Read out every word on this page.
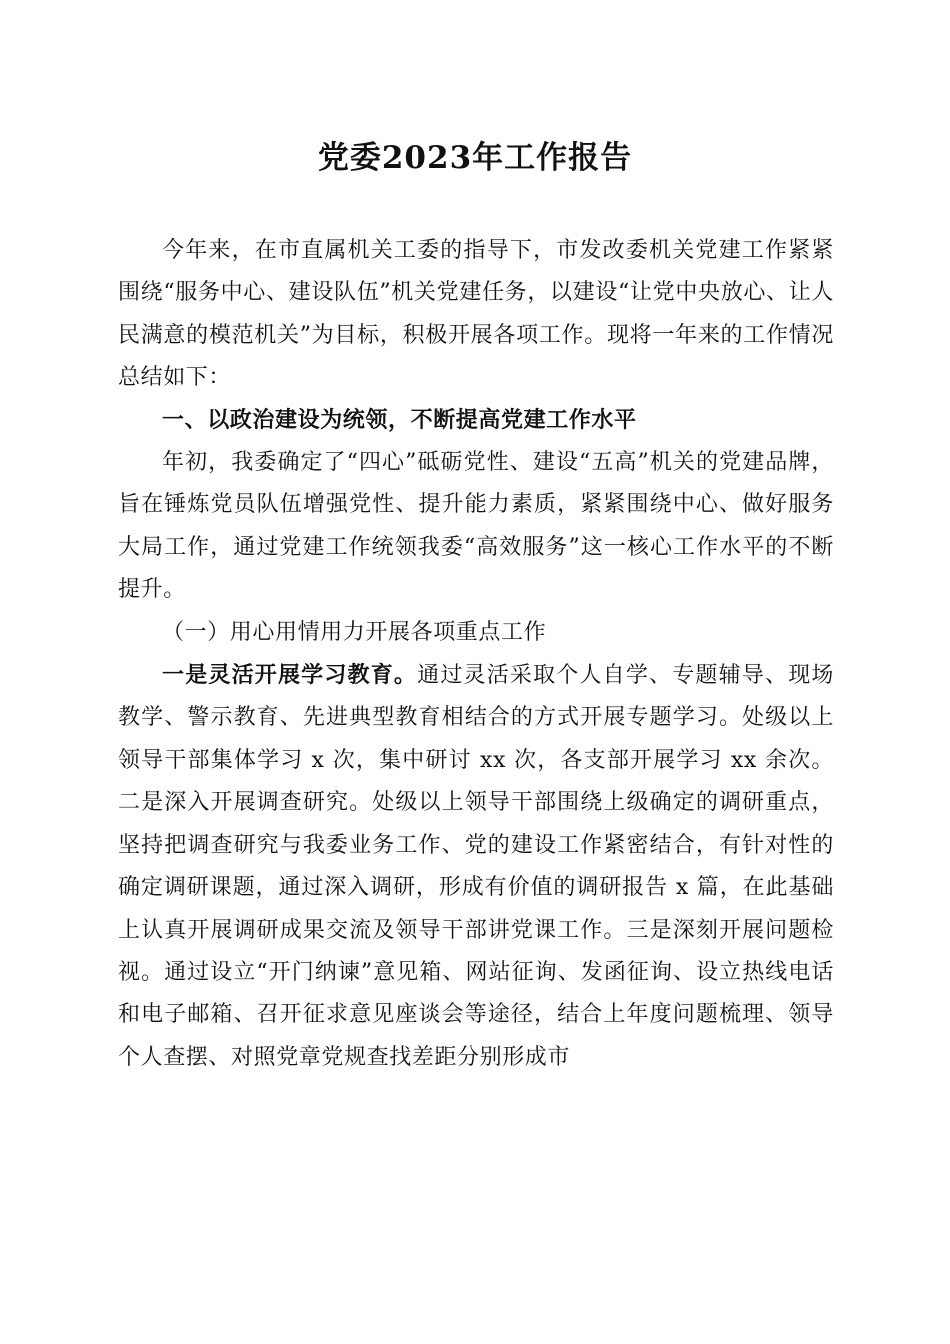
党委2023年工作报告

今年来，在市直属机关工委的指导下，市发改委机关党建工作紧紧围绕“服务中心、建设队伍”机关党建任务，以建设“让党中央放心、让人民满意的模范机关”为目标，积极开展各项工作。现将一年来的工作情况总结如下：

一、以政治建设为统领，不断提高党建工作水平

年初，我委确定了“四心”砥砺党性、建设“五高”机关的党建品牌，旨在锤炼党员队伍增强党性、提升能力素质，紧紧围绕中心、做好服务大局工作，通过党建工作统领我委“高效服务”这一核心工作水平的不断提升。

（一）用心用情用力开展各项重点工作

一是灵活开展学习教育。通过灵活采取个人自学、专题辅导、现场教学、警示教育、先进典型教育相结合的方式开展专题学习。处级以上领导干部集体学习 x 次，集中研讨 xx 次，各支部开展学习 xx 余次。二是深入开展调查研究。处级以上领导干部围绕上级确定的调研重点，坚持把调查研究与我委业务工作、党的建设工作紧密结合，有针对性的确定调研课题，通过深入调研，形成有价值的调研报告 x 篇，在此基础上认真开展调研成果交流及领导干部讲党课工作。三是深刻开展问题检视。通过设立“开门纳谏”意见箱、网站征询、发函征询、设立热线电话和电子邮箱、召开征求意见座谈会等途径，结合上年度问题梳理、领导个人查摆、对照党章党规查找差距分别形成市
